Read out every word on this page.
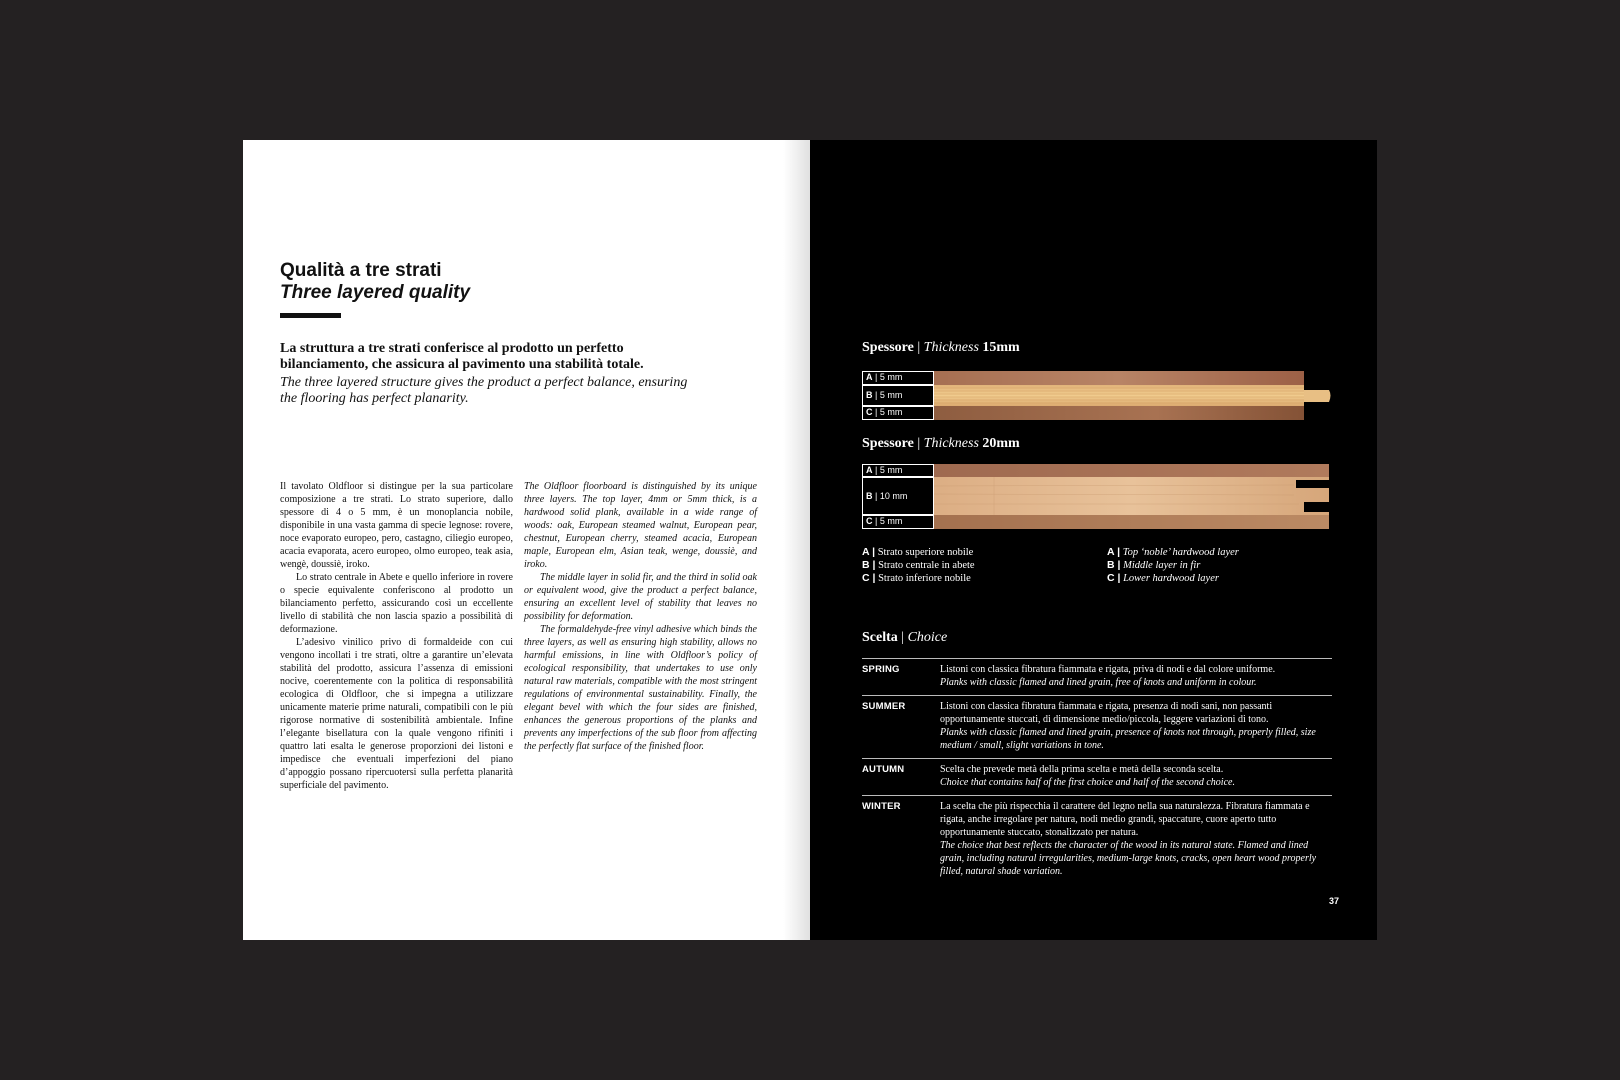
Qualità a tre strati
Three layered quality

La struttura a tre strati conferisce al prodotto un perfetto bilanciamento, che assicura al pavimento una stabilità totale.

The three layered structure gives the product a perfect balance, ensuring the flooring has perfect planarity.

Il tavolato Oldfloor si distingue per la sua particolare composizione a tre strati. Lo strato superiore, dallo spessore di 4 o 5 mm, è un monoplancia nobile, disponibile in una vasta gamma di specie legnose: rovere, noce evaporato europeo, pero, castagno, ciliegio europeo, acacia evaporata, acero europeo, olmo europeo, teak asia, wengè, doussiè, iroko.

Lo strato centrale in Abete e quello inferiore in rovere o specie equivalente conferiscono al prodotto un bilanciamento perfetto, assicurando così un eccellente livello di stabilità che non lascia spazio a possibilità di deformazione.

L’adesivo vinilico privo di formaldeide con cui vengono incollati i tre strati, oltre a garantire un’elevata stabilità del prodotto, assicura l’assenza di emissioni nocive, coerentemente con la politica di responsabilità ecologica di Oldfloor, che si impegna a utilizzare unicamente materie prime naturali, compatibili con le più rigorose normative di sostenibilità ambientale. Infine l’elegante bisellatura con la quale vengono rifiniti i quattro lati esalta le generose proporzioni dei listoni e impedisce che eventuali imperfezioni del piano d’appoggio possano ripercuotersi sulla perfetta planarità superficiale del pavimento.

The Oldfloor floorboard is distinguished by its unique three layers. The top layer, 4mm or 5mm thick, is a hardwood solid plank, available in a wide range of woods: oak, European steamed walnut, European pear, chestnut, European cherry, steamed acacia, European maple, European elm, Asian teak, wenge, doussiè, and iroko.

The middle layer in solid fir, and the third in solid oak or equivalent wood, give the product a perfect balance, ensuring an excellent level of stability that leaves no possibility for deformation.

The formaldehyde-free vinyl adhesive which binds the three layers, as well as ensuring high stability, allows no harmful emissions, in line with Oldfloor’s policy of ecological responsibility, that undertakes to use only natural raw materials, compatible with the most stringent regulations of environmental sustainability. Finally, the elegant bevel with which the four sides are finished, enhances the generous proportions of the planks and prevents any imperfections of the sub floor from affecting the perfectly flat surface of the finished floor.

Spessore | Thickness 15mm
A | 5 mm
B | 5 mm
C | 5 mm
Spessore | Thickness 20mm
A | 5 mm
B | 10 mm
C | 5 mm
A | Strato superiore nobile
B | Strato centrale in abete
C | Strato inferiore nobile
A | Top ‘noble’ hardwood layer
B | Middle layer in fir
C | Lower hardwood layer
Scelta | Choice
SPRING	Listoni con classica fibratura fiammata e rigata, priva di nodi e dal colore uniforme.
Planks with classic flamed and lined grain, free of knots and uniform in colour.
SUMMER	Listoni con classica fibratura fiammata e rigata, presenza di nodi sani, non passanti opportunamente stuccati, di dimensione medio/piccola, leggere variazioni di tono.
Planks with classic flamed and lined grain, presence of knots not through, properly filled, size medium / small, slight variations in tone.
AUTUMN	Scelta che prevede metà della prima scelta e metà della seconda scelta.
Choice that contains half of the first choice and half of the second choice.
WINTER	La scelta che più rispecchia il carattere del legno nella sua naturalezza. Fibratura fiammata e rigata, anche irregolare per natura, nodi medio grandi, spaccature, cuore aperto tutto opportunamente stuccato, stonalizzato per natura.
The choice that best reflects the character of the wood in its natural state. Flamed and lined grain, including natural irregularities, medium-large knots, cracks, open heart wood properly filled, natural shade variation.
37
